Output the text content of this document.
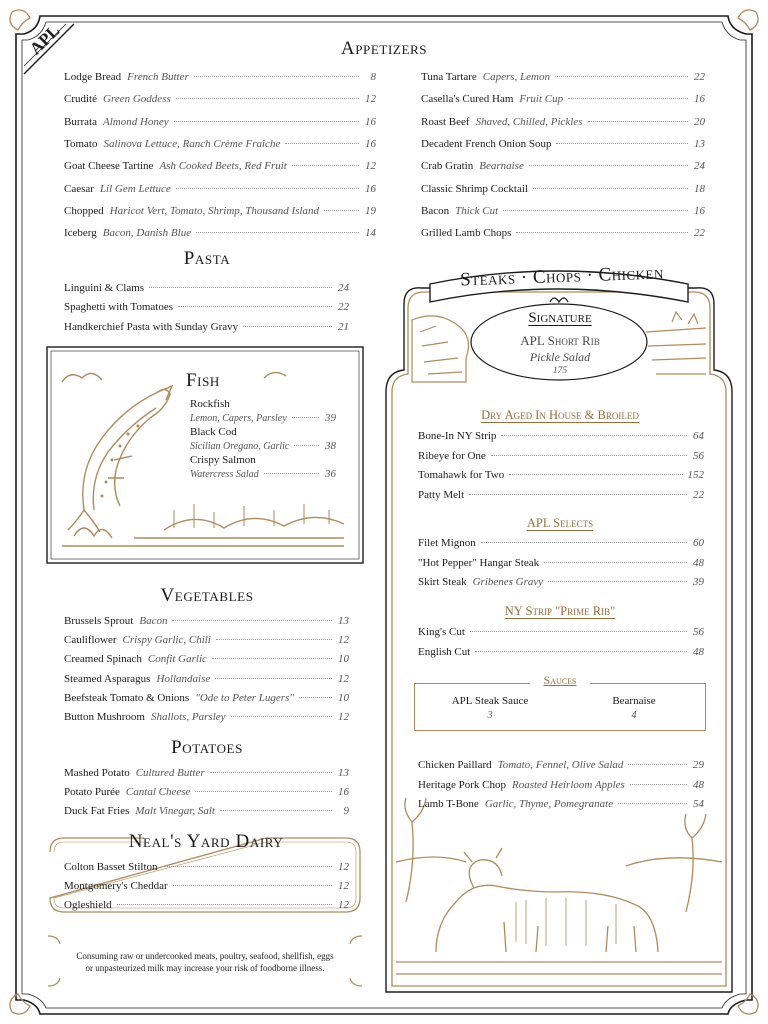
APL	Appetizers
Lodge Bread French Butter	8
Crudité Green Goddess	12
Burrata Almond Honey	16
Tomato Salinova Lettuce, Ranch Crème Fraîche	16
Goat Cheese Tartine Ash Cooked Beets, Red Fruit	12
Caesar Lil Gem Lettuce	16
Chopped Haricot Vert, Tomato, Shrimp, Thousand Island	19
Iceberg Bacon, Danish Blue	14
Tuna Tartare Capers, Lemon	22
Casella's Cured Ham Fruit Cup	16
Roast Beef Shaved, Chilled, Pickles	20
Decadent French Onion Soup	13
Crab Gratin Bearnaise	24
Classic Shrimp Cocktail	18
Bacon Thick Cut	16
Grilled Lamb Chops	22
Pasta
Linguini & Clams	24
Spaghetti with Tomatoes	22
Handkerchief Pasta with Sunday Gravy	21
Fish
Rockfish
Lemon, Capers, Parsley	39
Black Cod
Sicilian Oregano, Garlic	38
Crispy Salmon
Watercress Salad	36
Vegetables
Brussels Sprout Bacon	13
Cauliflower Crispy Garlic, Chili	12
Creamed Spinach Confit Garlic	10
Steamed Asparagus Hollandaise	12
Beefsteak Tomato & Onions "Ode to Peter Lugers"	10
Button Mushroom Shallots, Parsley	12
Potatoes
Mashed Potato Cultured Butter	13
Potato Purée Cantal Cheese	16
Duck Fat Fries Malt Vinegar, Salt	9
Neal's Yard Dairy
Colton Basset Stilton	12
Montgomery's Cheddar	12
Ogleshield	12
Consuming raw or undercooked meats, poultry, seafood, shellfish, eggs
or unpasteurized milk may increase your risk of foodborne illness.
Steaks · Chops · Chicken
Signature
APL Short Rib
Pickle Salad
175
Dry Aged In House & Broiled
Bone-In NY Strip	64
Ribeye for One	56
Tomahawk for Two	152
Patty Melt	22
APL Selects
Filet Mignon	60
"Hot Pepper" Hangar Steak	48
Skirt Steak Gribenes Gravy	39
NY Strip "Prime Rib"
King's Cut	56
English Cut	48
Sauces
APL Steak Sauce
3
Bearnaise
4
Chicken Paillard Tomato, Fennel, Olive Salad	29
Heritage Pork Chop Roasted Heirloom Apples	48
Lamb T-Bone Garlic, Thyme, Pomegranate	54
